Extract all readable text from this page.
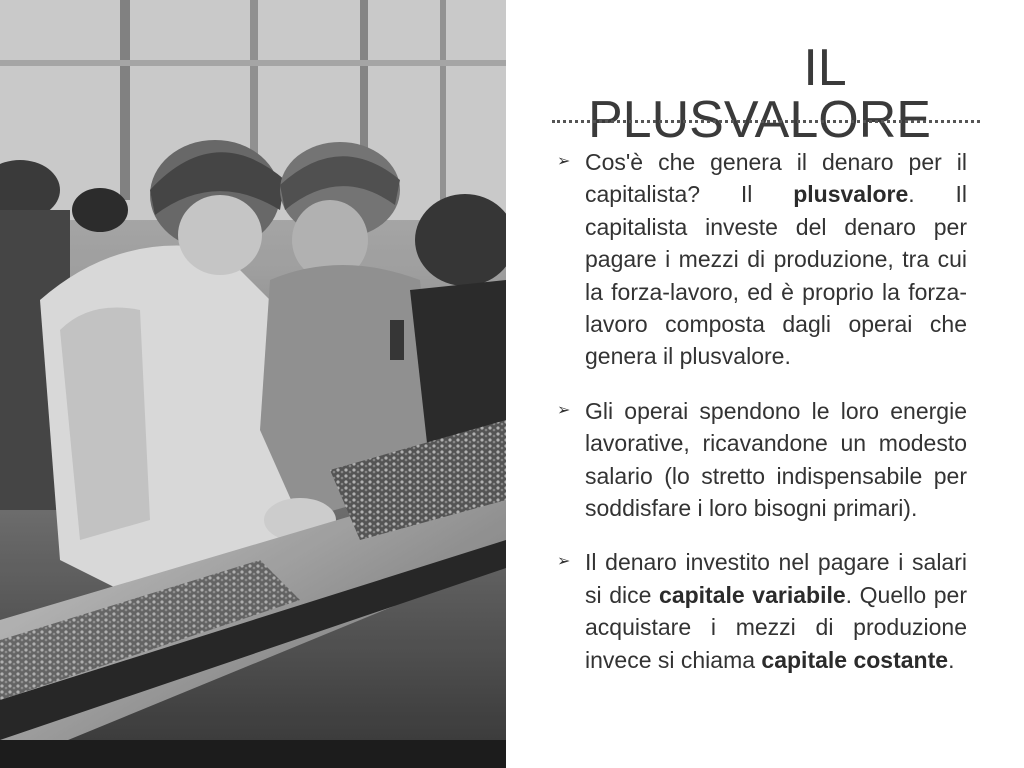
IL
PLUSVALORE
➢ Cos'è che genera il denaro per il capitalista? Il plusvalore. Il capitalista investe del denaro per pagare i mezzi di produzione, tra cui la forza-lavoro, ed è proprio la forza-lavoro composta dagli operai che genera il plusvalore.
➢ Gli operai spendono le loro energie lavorative, ricavandone un modesto salario (lo stretto indispensabile per soddisfare i loro bisogni primari).
➢ Il denaro investito nel pagare i salari si dice capitale variabile. Quello per acquistare i mezzi di produzione invece si chiama capitale costante.
